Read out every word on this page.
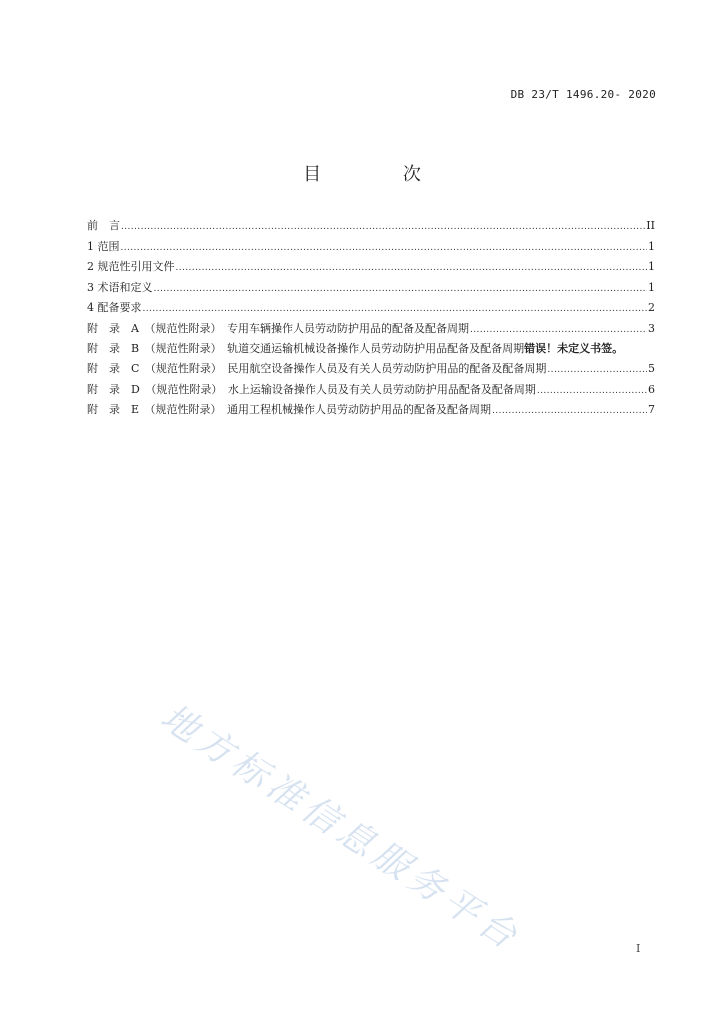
DB 23/T 1496.20- 2020
目 次
前　言 .....	II
1 范围 .....	1
2 规范性引用文件 .....	1
3 术语和定义 .....	1
4 配备要求 .....	2
附　录　A　（规范性附录）　专用车辆操作人员劳动防护用品的配备及配备周期 .....	3
附　录　B　（规范性附录）　轨道交通运输机械设备操作人员劳动防护用品配备及配备周期错误！未定义书签。
附　录　C　（规范性附录）　民用航空设备操作人员及有关人员劳动防护用品的配备及配备周期 .....	5
附　录　D　（规范性附录）　水上运输设备操作人员及有关人员劳动防护用品配备及配备周期 .....	6
附　录　E　（规范性附录）　通用工程机械操作人员劳动防护用品的配备及配备周期 .....	7
地方标准信息服务平台	I
